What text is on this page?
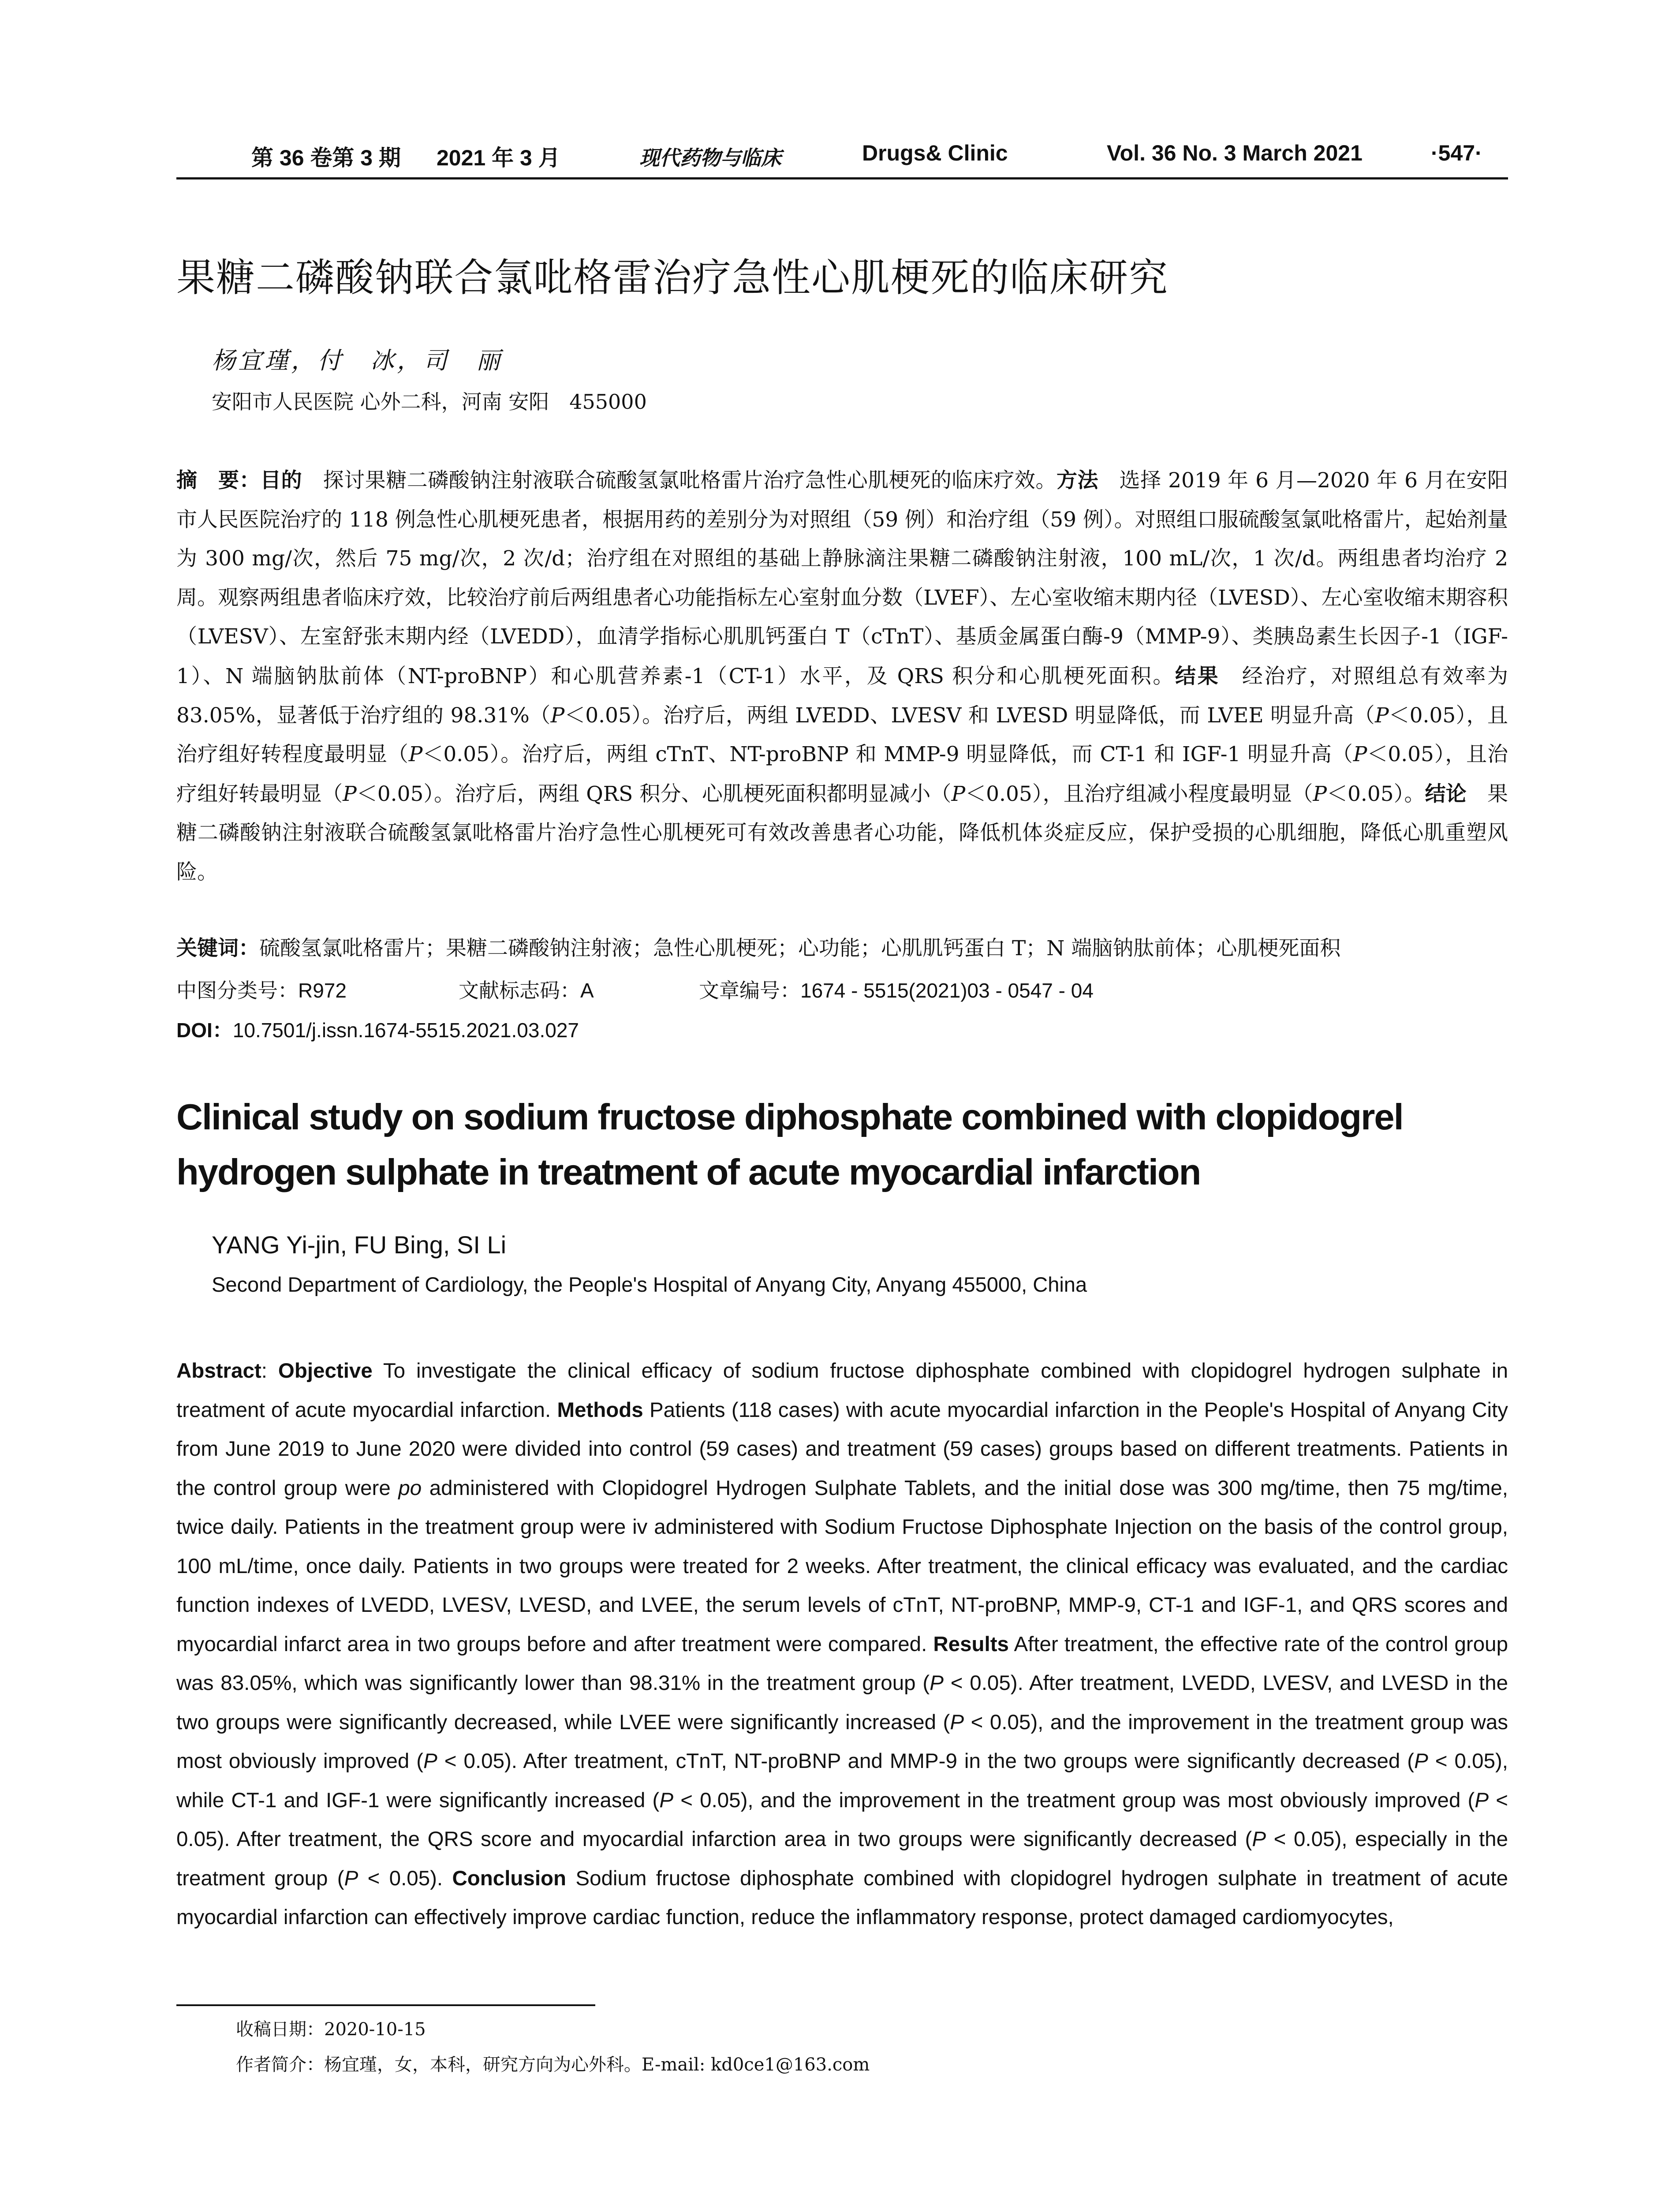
第 36 卷第 3 期 2021 年 3 月	现代药物与临床	Drugs& Clinic	Vol. 36 No. 3 March 2021	·547·
果糖二磷酸钠联合氯吡格雷治疗急性心肌梗死的临床研究
杨宜瑾，付　冰，司　丽
安阳市人民医院 心外二科，河南 安阳　455000

摘　要：目的　探讨果糖二磷酸钠注射液联合硫酸氢氯吡格雷片治疗急性心肌梗死的临床疗效。方法　选择 2019 年 6 月—2020 年 6 月在安阳市人民医院治疗的 118 例急性心肌梗死患者，根据用药的差别分为对照组（59 例）和治疗组（59 例）。对照组口服硫酸氢氯吡格雷片，起始剂量为 300 mg/次，然后 75 mg/次，2 次/d；治疗组在对照组的基础上静脉滴注果糖二磷酸钠注射液，100 mL/次，1 次/d。两组患者均治疗 2 周。观察两组患者临床疗效，比较治疗前后两组患者心功能指标左心室射血分数（LVEF）、左心室收缩末期内径（LVESD）、左心室收缩末期容积（LVESV）、左室舒张末期内经（LVEDD），血清学指标心肌肌钙蛋白 T（cTnT）、基质金属蛋白酶-9（MMP-9）、类胰岛素生长因子-1（IGF-1）、N 端脑钠肽前体（NT-proBNP）和心肌营养素-1（CT-1）水平，及 QRS 积分和心肌梗死面积。结果　经治疗，对照组总有效率为 83.05%，显著低于治疗组的 98.31%（P＜0.05）。治疗后，两组 LVEDD、LVESV 和 LVESD 明显降低，而 LVEE 明显升高（P＜0.05），且治疗组好转程度最明显（P＜0.05）。治疗后，两组 cTnT、NT-proBNP 和 MMP-9 明显降低，而 CT-1 和 IGF-1 明显升高（P＜0.05），且治疗组好转最明显（P＜0.05）。治疗后，两组 QRS 积分、心肌梗死面积都明显减小（P＜0.05），且治疗组减小程度最明显（P＜0.05）。结论　果糖二磷酸钠注射液联合硫酸氢氯吡格雷片治疗急性心肌梗死可有效改善患者心功能，降低机体炎症反应，保护受损的心肌细胞，降低心肌重塑风险。

关键词：硫酸氢氯吡格雷片；果糖二磷酸钠注射液；急性心肌梗死；心功能；心肌肌钙蛋白 T；N 端脑钠肽前体；心肌梗死面积
中图分类号：R972	文献标志码：A	文章编号：1674 - 5515(2021)03 - 0547 - 04
DOI：10.7501/j.issn.1674-5515.2021.03.027
Clinical study on sodium fructose diphosphate combined with clopidogrel hydrogen sulphate in treatment of acute myocardial infarction
YANG Yi-jin, FU Bing, SI Li
Second Department of Cardiology, the People's Hospital of Anyang City, Anyang 455000, China

Abstract: Objective To investigate the clinical efficacy of sodium fructose diphosphate combined with clopidogrel hydrogen sulphate in treatment of acute myocardial infarction. Methods Patients (118 cases) with acute myocardial infarction in the People's Hospital of Anyang City from June 2019 to June 2020 were divided into control (59 cases) and treatment (59 cases) groups based on different treatments. Patients in the control group were po administered with Clopidogrel Hydrogen Sulphate Tablets, and the initial dose was 300 mg/time, then 75 mg/time, twice daily. Patients in the treatment group were iv administered with Sodium Fructose Diphosphate Injection on the basis of the control group, 100 mL/time, once daily. Patients in two groups were treated for 2 weeks. After treatment, the clinical efficacy was evaluated, and the cardiac function indexes of LVEDD, LVESV, LVESD, and LVEE, the serum levels of cTnT, NT-proBNP, MMP-9, CT-1 and IGF-1, and QRS scores and myocardial infarct area in two groups before and after treatment were compared. Results After treatment, the effective rate of the control group was 83.05%, which was significantly lower than 98.31% in the treatment group (P < 0.05). After treatment, LVEDD, LVESV, and LVESD in the two groups were significantly decreased, while LVEE were significantly increased (P < 0.05), and the improvement in the treatment group was most obviously improved (P < 0.05). After treatment, cTnT, NT-proBNP and MMP-9 in the two groups were significantly decreased (P < 0.05), while CT-1 and IGF-1 were significantly increased (P < 0.05), and the improvement in the treatment group was most obviously improved (P < 0.05). After treatment, the QRS score and myocardial infarction area in two groups were significantly decreased (P < 0.05), especially in the treatment group (P < 0.05). Conclusion Sodium fructose diphosphate combined with clopidogrel hydrogen sulphate in treatment of acute myocardial infarction can effectively improve cardiac function, reduce the inflammatory response, protect damaged cardiomyocytes,

收稿日期：2020-10-15
作者简介：杨宜瑾，女，本科，研究方向为心外科。E-mail: kd0ce1@163.com
